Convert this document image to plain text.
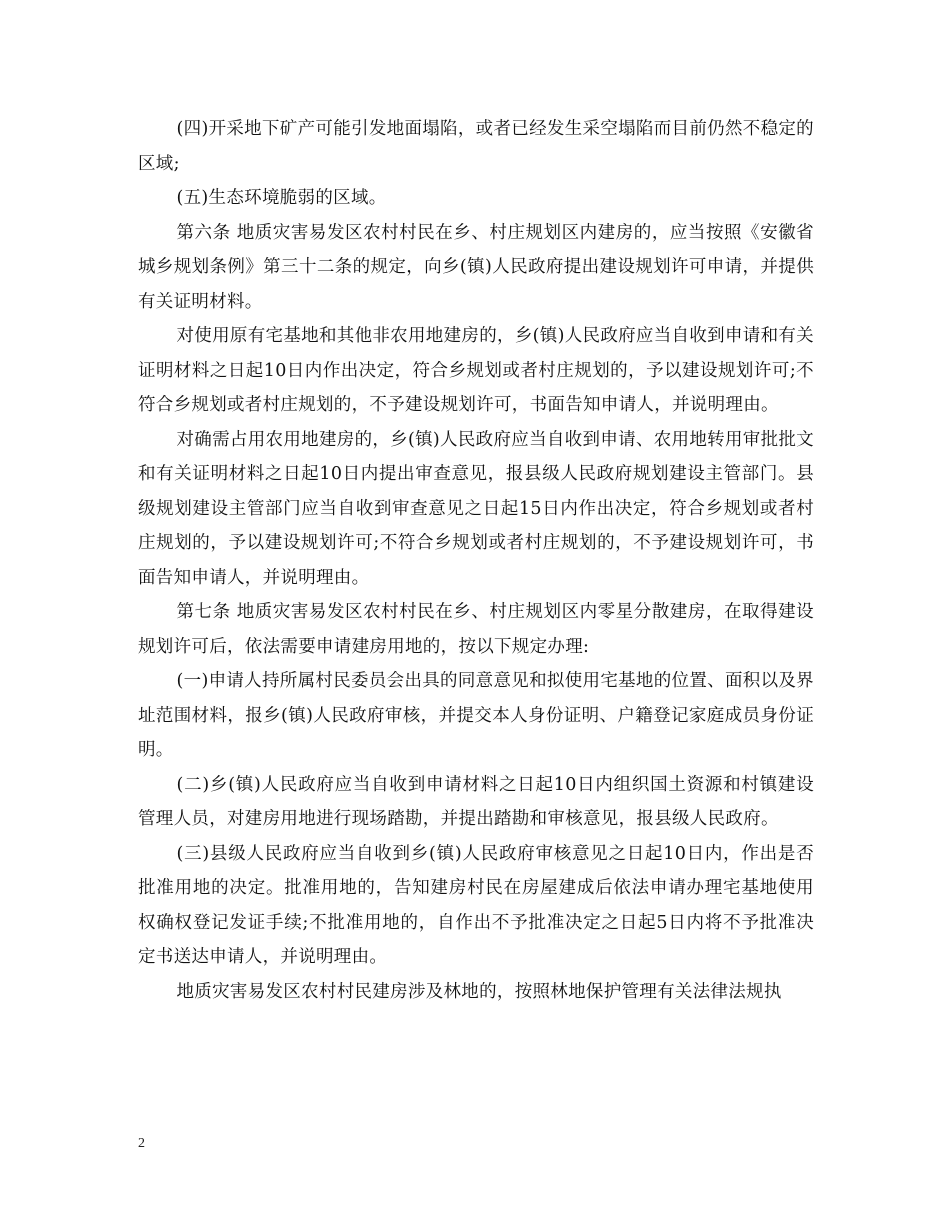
(四)开采地下矿产可能引发地面塌陷，或者已经发生采空塌陷而目前仍然不稳定的区域;

(五)生态环境脆弱的区域。

第六条 地质灾害易发区农村村民在乡、村庄规划区内建房的，应当按照《安徽省城乡规划条例》第三十二条的规定，向乡(镇)人民政府提出建设规划许可申请，并提供有关证明材料。

对使用原有宅基地和其他非农用地建房的，乡(镇)人民政府应当自收到申请和有关证明材料之日起10日内作出决定，符合乡规划或者村庄规划的，予以建设规划许可;不符合乡规划或者村庄规划的，不予建设规划许可，书面告知申请人，并说明理由。

对确需占用农用地建房的，乡(镇)人民政府应当自收到申请、农用地转用审批批文和有关证明材料之日起10日内提出审查意见，报县级人民政府规划建设主管部门。县级规划建设主管部门应当自收到审查意见之日起15日内作出决定，符合乡规划或者村庄规划的，予以建设规划许可;不符合乡规划或者村庄规划的，不予建设规划许可，书面告知申请人，并说明理由。

第七条 地质灾害易发区农村村民在乡、村庄规划区内零星分散建房，在取得建设规划许可后，依法需要申请建房用地的，按以下规定办理:

(一)申请人持所属村民委员会出具的同意意见和拟使用宅基地的位置、面积以及界址范围材料，报乡(镇)人民政府审核，并提交本人身份证明、户籍登记家庭成员身份证明。

(二)乡(镇)人民政府应当自收到申请材料之日起10日内组织国土资源和村镇建设管理人员，对建房用地进行现场踏勘，并提出踏勘和审核意见，报县级人民政府。

(三)县级人民政府应当自收到乡(镇)人民政府审核意见之日起10日内，作出是否批准用地的决定。批准用地的，告知建房村民在房屋建成后依法申请办理宅基地使用权确权登记发证手续;不批准用地的，自作出不予批准决定之日起5日内将不予批准决定书送达申请人，并说明理由。

地质灾害易发区农村村民建房涉及林地的，按照林地保护管理有关法律法规执

2
